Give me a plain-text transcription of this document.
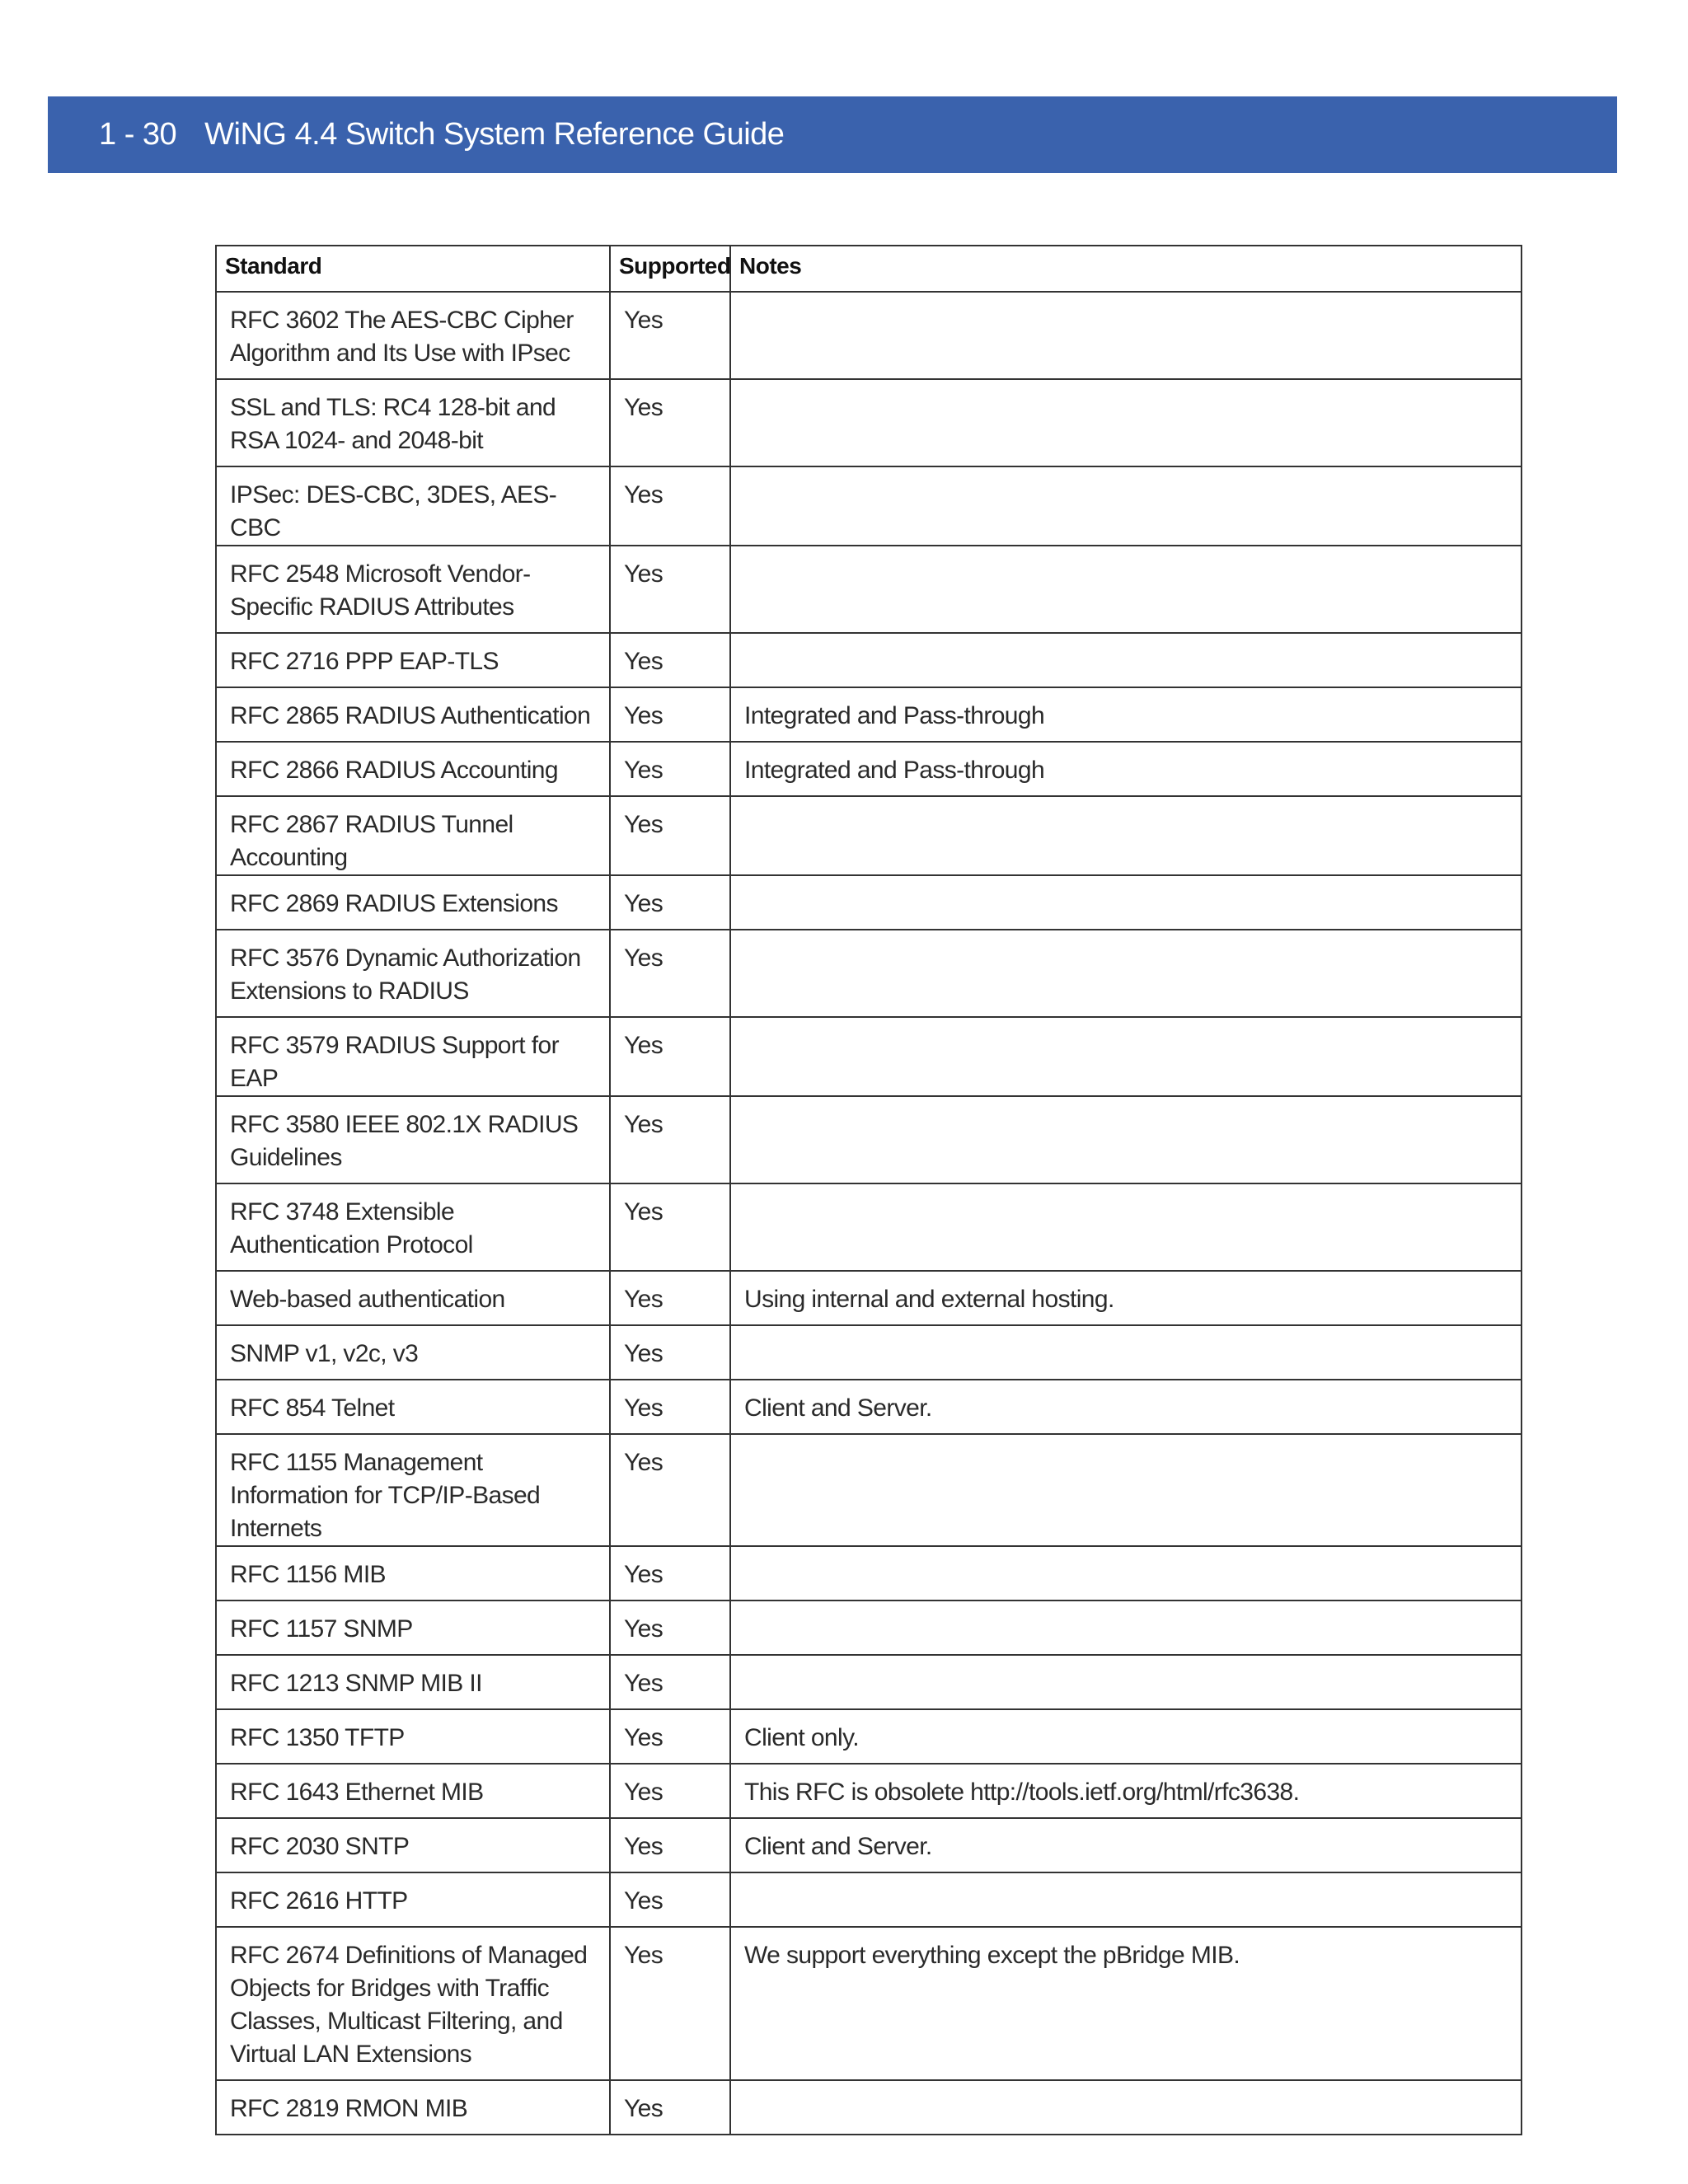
1 - 30 WiNG 4.4 Switch System Reference Guide
Standard	Supported	Notes
RFC 3602 The AES-CBC Cipher Algorithm and Its Use with IPsec	Yes	
SSL and TLS: RC4 128-bit and RSA 1024- and 2048-bit	Yes	
IPSec: DES-CBC, 3DES, AES-CBC	Yes	
RFC 2548 Microsoft Vendor-Specific RADIUS Attributes	Yes	
RFC 2716 PPP EAP-TLS	Yes	
RFC 2865 RADIUS Authentication	Yes	Integrated and Pass-through
RFC 2866 RADIUS Accounting	Yes	Integrated and Pass-through
RFC 2867 RADIUS Tunnel Accounting	Yes	
RFC 2869 RADIUS Extensions	Yes	
RFC 3576 Dynamic Authorization Extensions to RADIUS	Yes	
RFC 3579 RADIUS Support for EAP	Yes	
RFC 3580 IEEE 802.1X RADIUS Guidelines	Yes	
RFC 3748 Extensible Authentication Protocol	Yes	
Web-based authentication	Yes	Using internal and external hosting.
SNMP v1, v2c, v3	Yes	
RFC 854 Telnet	Yes	Client and Server.
RFC 1155 Management Information for TCP/IP-Based Internets	Yes	
RFC 1156 MIB	Yes	
RFC 1157 SNMP	Yes	
RFC 1213 SNMP MIB II	Yes	
RFC 1350 TFTP	Yes	Client only.
RFC 1643 Ethernet MIB	Yes	This RFC is obsolete http://tools.ietf.org/html/rfc3638.
RFC 2030 SNTP	Yes	Client and Server.
RFC 2616 HTTP	Yes	
RFC 2674 Definitions of Managed Objects for Bridges with Traffic Classes, Multicast Filtering, and Virtual LAN Extensions	Yes	We support everything except the pBridge MIB.
RFC 2819 RMON MIB	Yes	
